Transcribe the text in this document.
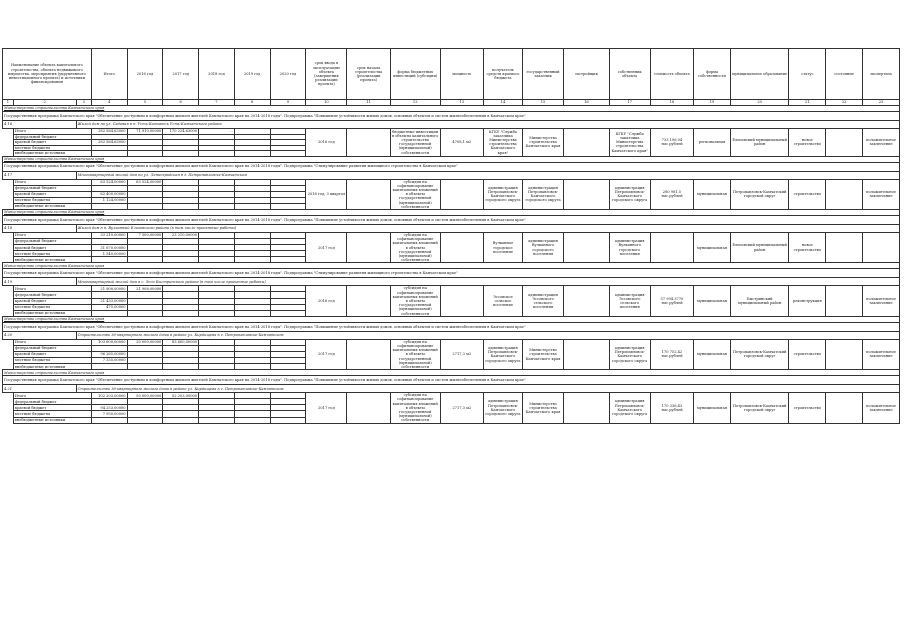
Наименование объекта капитального строительства, объекта недвижимого имущества, мероприятия (укрупненного инвестиционного проекта) и источники финансирования			Итого	2016 год	2017 год	2018 год	2019 год	2020 год	срок ввода в эксплуатацию объекта (завершения реализации проекта)	срок начала строительства (реализации проекта)	форма бюджетных инвестиций (субсидии)	мощность	получатель средств краевого бюджета	государственный заказчик	застройщик	собственник объекта	стоимость объекта	форма собственности	муниципальное образование	статус	состояние	экспертиза
1	2	3	4	5	6	7	8	9	10	11	12	13	14	15	16	17	18	19	20	21	22	23
Министерство строительства Камчатского края																						
Государственная программа Камчатского края "Обеспечение доступным и комфортным жильем жителей Камчатского края на 2014-2018 годы". Подпрограмма "Повышение устойчивости жилых домов, основных объектов и систем жизнеобеспечения в Камчатском крае"																						
4.16		Жилой дом по ул. Садовая в п. Усть-Камчатск Усть-Камчатского района																				
	Итого		282 564,63000	71 910,00000	170 224,63000	...			2016 год		бюджетные инвестиции в объекты капитального строительства государственной (муниципальной) собственности	4708,1 м2	КГКУ "Служба заказчика Министерства строительства Камчатского края"	Министерство строительства Камчатского края		КГКУ "Служба заказчика Министерства строительства Камчатского края"	733 196,04 тыс.рублей	региональная	Елизовский муниципальный район	новое строительство		положительное заключение
	федеральный бюджет																					
	краевой бюджет		282 564,63000																			
	местные бюджеты																					
	внебюджетные источники																					
Министерство строительства Камчатского края																						
Государственная программа Камчатского края "Обеспечение доступным и комфортным жильем жителей Камчатского края на 2014-2018 годы". Подпрограмма "Стимулирование развития жилищного строительства в Камчатском крае"																						
4.17		Многоквартирный жилой дом по ул. Ленинградская в г. Петропавловске-Камчатском																				
	Итого		63 524,00000	63 524,00000					2016 год, 3 квартал		субсидия на софинансирование капитальных вложений в объекты государственной (муниципальной) собственности		администрация Петропавловск-Камчатского городского округа	администрация Петропавловск-Камчатского городского округа		администрация Петропавловск-Камчатского городского округа	280 981,5 тыс.рублей	муниципальная	Петропавловск-Камчатский городской округ	строительство		положительное заключение
	федеральный бюджет																					
	краевой бюджет		62 400,00000																			
	местные бюджеты		1 124,00000																			
	внебюджетные источники																					
Министерство строительства Камчатского края																						
Государственная программа Камчатского края "Обеспечение доступным и комфортным жильем жителей Камчатского края на 2014-2018 годы". Подпрограмма "Повышение устойчивости жилых домов, основных объектов и систем жизнеобеспечения в Камчатском крае"																						
4.18		Жилой дом в п. Вулканный Елизовского района (в том числе проектные работы)																				
	Итого		33 210,00000	7 500,00000	23 210,00000				2017 год		субсидия на софинансирование капитальных вложений в объекты государственной (муниципальной) собственности		Вулканное городское поселение	администрация Вулканного городского поселения		администрация Вулканного городского поселения		муниципальная	Елизовский муниципальный район	новое строительство		
	федеральный бюджет																					
	краевой бюджет		31 670,00000																			
	местные бюджеты		1 540,00000																			
	внебюджетные источники																					
Министерство строительства Камчатского края																						
Государственная программа Камчатского края "Обеспечение доступным и комфортным жильем жителей Камчатского края на 2014-2018 годы". Подпрограмма "Стимулирование развития жилищного строительства в Камчатском крае"																						
4.19		Многоквартирный жилой дом в с. Эссо Быстринского района (в том числе проектные работы)																				
	Итого		21 908,00000	21 908,00000					2016 год		субсидия на софинансирование капитальных вложений в объекты государственной (муниципальной) собственности		Эссовское сельское поселение	администрация Эссовского сельского поселения		администрация Эссовского сельского поселения	57 994,3770 тыс.рублей	муниципальная	Быстринский муниципальный район	реконструкция		положительное заключение
	федеральный бюджет																					
	краевой бюджет		21 433,00000																			
	местные бюджеты		475,00000																			
	внебюджетные источники																					
Министерство строительства Камчатского края																						
Государственная программа Камчатского края "Обеспечение доступным и комфортным жильем жителей Камчатского края на 2014-2018 годы". Подпрограмма "Повышение устойчивости жилых домов, основных объектов и систем жизнеобеспечения в Камчатском крае"																						
4.20		Строительство 36-квартирного жилого дома в районе ул. Кирдищева в г. Петропавловске-Камчатском																				
	Итого		103 600,00000	20 000,00000	83 600,00000				2017 год		субсидия на софинансирование капитальных вложений в объекты государственной (муниципальной) собственности	2717,3 м2	администрация Петропавловск-Камчатского городского округа	Министерство строительства Камчатского края		администрация Петропавловск-Камчатского городского округа	170 752,42 тыс.рублей	муниципальная	Петропавловск-Камчатский городской округ	строительство		положительное заключение
	федеральный бюджет																					
	краевой бюджет		96 265,00000																			
	местные бюджеты		7 335,00000																			
	внебюджетные источники																					
Министерство строительства Камчатского края																						
Государственная программа Камчатского края "Обеспечение доступным и комфортным жильем жителей Камчатского края на 2014-2018 годы". Подпрограмма "Повышение устойчивости жилых домов, основных объектов и систем жизнеобеспечения в Камчатском крае"																						
4.21		Строительство 36-квартирного жилого дома в районе ул. Кирдищева в г. Петропавловске-Камчатском																				
	Итого		102 203,00000	50 000,00000	52 203,00000				2017 год		субсидия на софинансирование капитальных вложений в объекты государственной (муниципальной) собственности	2717,3 м2	администрация Петропавловск-Камчатского городского округа	Министерство строительства Камчатского края		администрация Петропавловск-Камчатского городского округа	170 336,43 тыс.рублей	муниципальная	Петропавловск-Камчатский городской округ	строительство		положительное заключение
	федеральный бюджет																					
	краевой бюджет		94 253,00000																			
	местные бюджеты		7 950,00000																			
	внебюджетные источники																					
